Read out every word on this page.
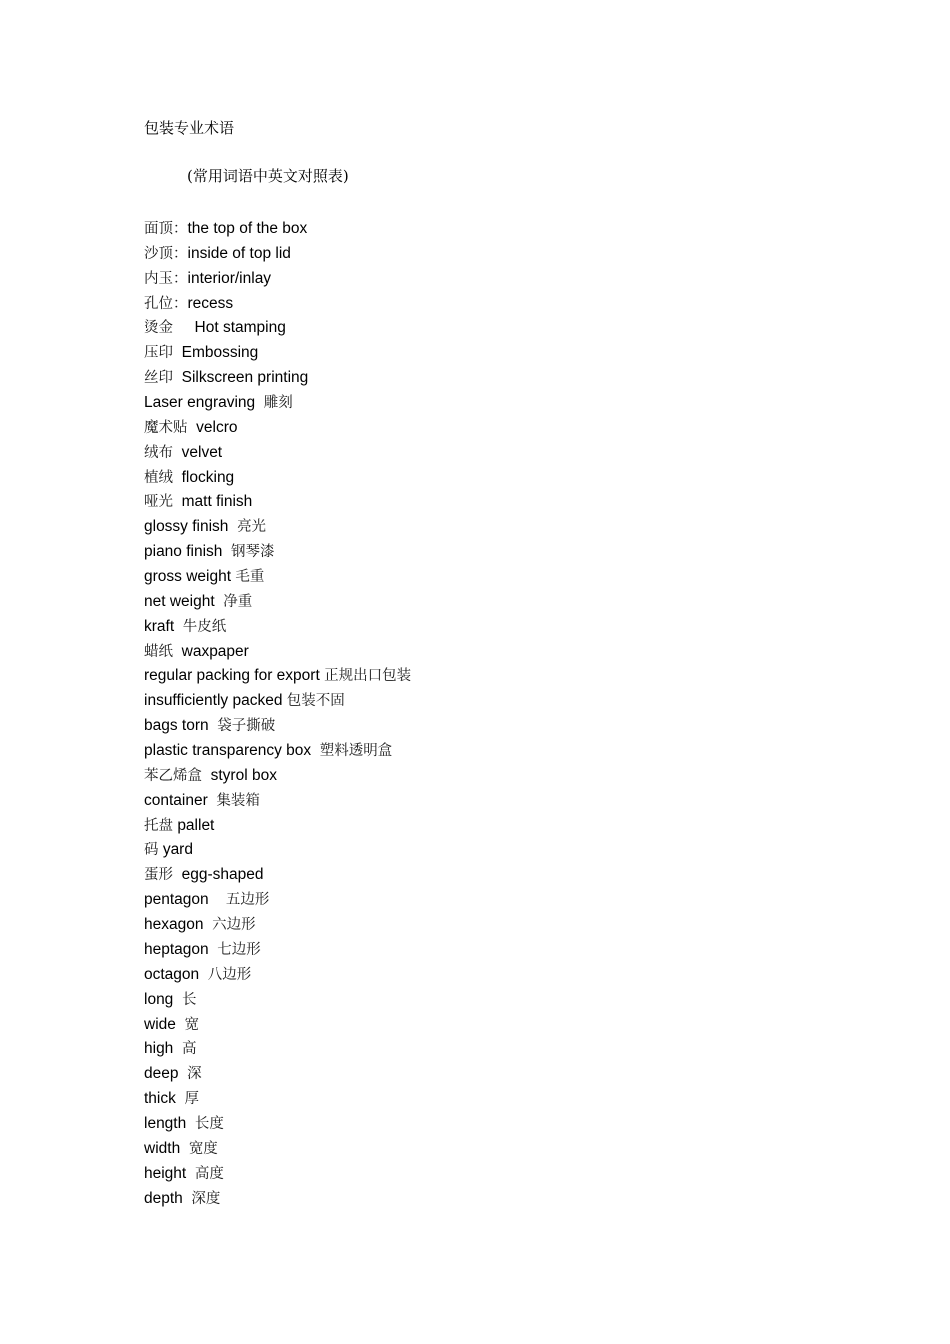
包装专业术语
(常用词语中英文对照表)
面顶：the top of the box
沙顶：inside of top lid
内玉：interior/inlay
孔位：recess
烫金 Hot stamping
压印 Embossing
丝印 Silkscreen printing
Laser engraving 雕刻
魔术贴 velcro
绒布 velvet
植绒 flocking
哑光 matt finish
glossy finish 亮光
piano finish 钢琴漆
gross weight 毛重
net weight 净重
kraft 牛皮纸
蜡纸 waxpaper
regular packing for export 正规出口包装
insufficiently packed 包装不固
bags torn 袋子撕破
plastic transparency box 塑料透明盒
苯乙烯盒 styrol box
container 集装箱
托盘 pallet
码 yard
蛋形 egg-shaped
pentagon 五边形
hexagon 六边形
heptagon 七边形
octagon 八边形
long 长
wide 宽
high 高
deep 深
thick 厚
length 长度
width 宽度
height 高度
depth 深度
